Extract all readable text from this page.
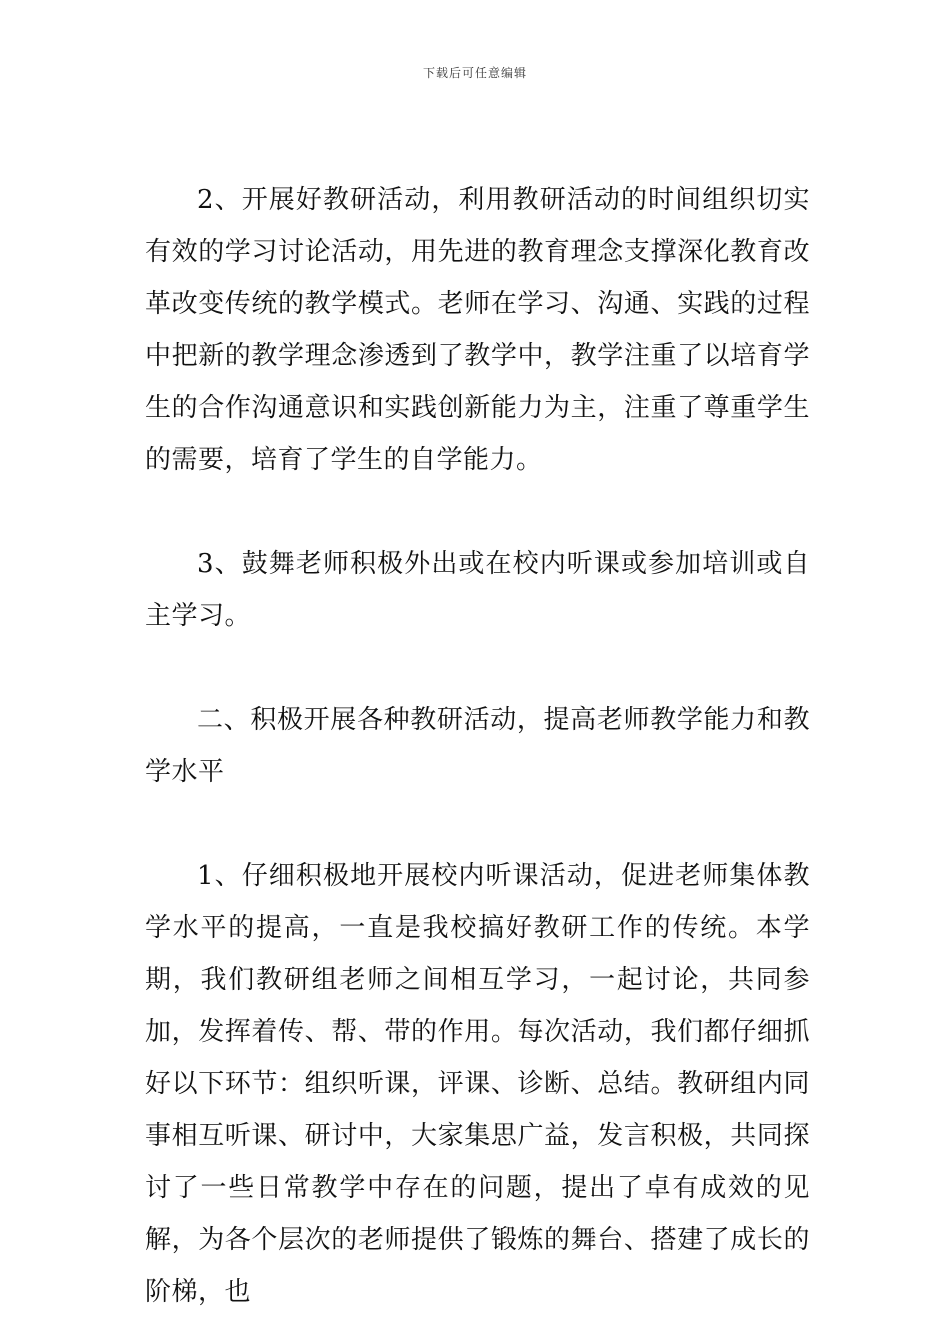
下载后可任意编辑

2、开展好教研活动，利用教研活动的时间组织切实有效的学习讨论活动，用先进的教育理念支撑深化教育改革改变传统的教学模式。老师在学习、沟通、实践的过程中把新的教学理念渗透到了教学中，教学注重了以培育学生的合作沟通意识和实践创新能力为主，注重了尊重学生的需要，培育了学生的自学能力。

3、鼓舞老师积极外出或在校内听课或参加培训或自主学习。

二、积极开展各种教研活动，提高老师教学能力和教学水平

1、仔细积极地开展校内听课活动，促进老师集体教学水平的提高，一直是我校搞好教研工作的传统。本学期，我们教研组老师之间相互学习，一起讨论，共同参加，发挥着传、帮、带的作用。每次活动，我们都仔细抓好以下环节：组织听课，评课、诊断、总结。教研组内同事相互听课、研讨中，大家集思广益，发言积极，共同探讨了一些日常教学中存在的问题，提出了卓有成效的见解，为各个层次的老师提供了锻炼的舞台、搭建了成长的阶梯，也
